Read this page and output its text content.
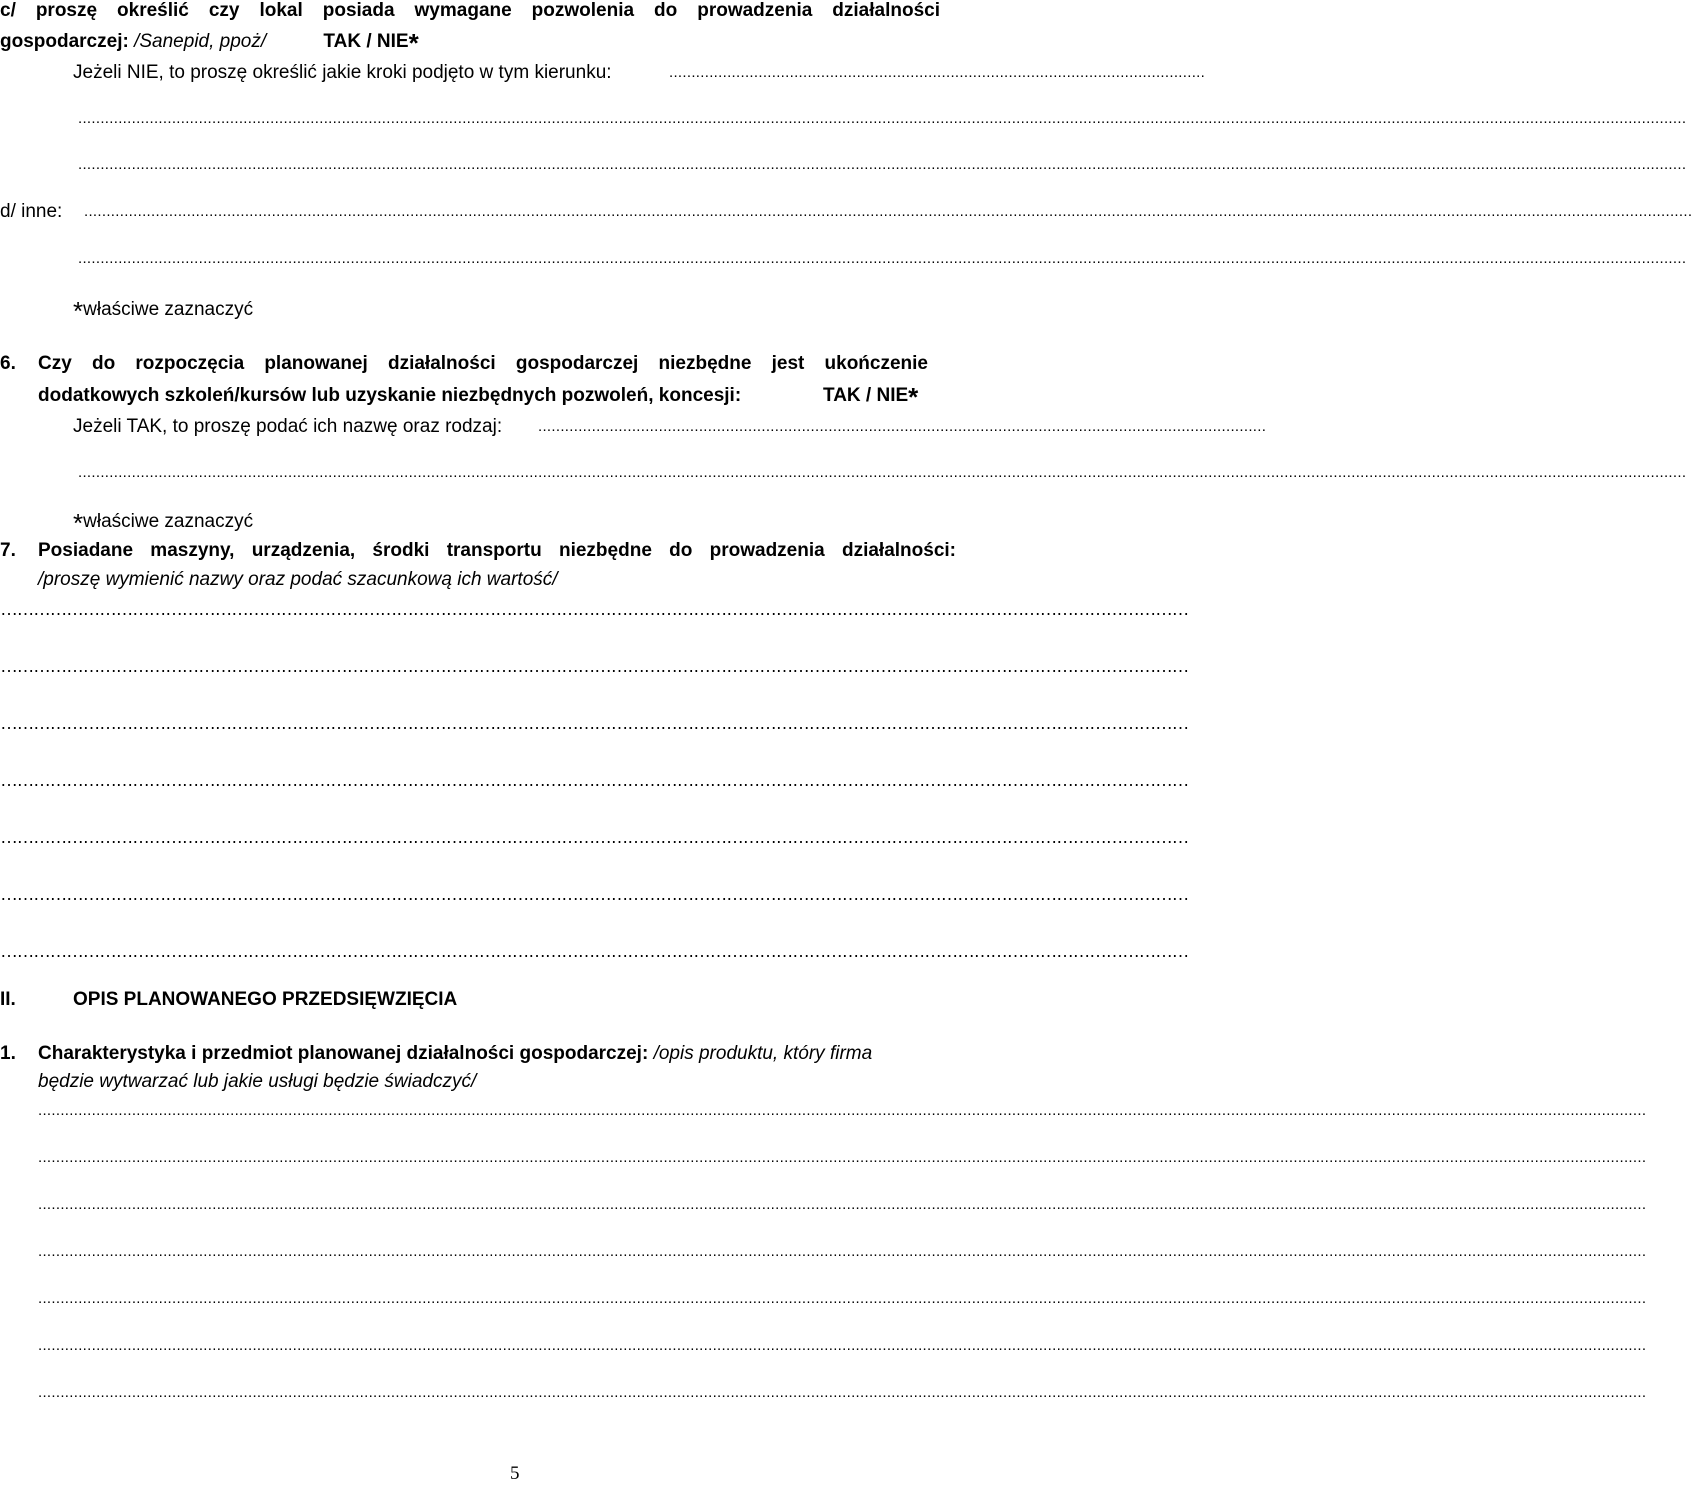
c/ proszę określić czy lokal posiada wymagane pozwolenia do prowadzenia działalności
gospodarczej: /Sanepid, ppoż/	TAK / NIE*
Jeżeli NIE, to proszę określić jakie kroki podjęto w tym kierunku:	........................................................................................................................
........................................................................................................................................................................................................................................................................................................................................................................
........................................................................................................................................................................................................................................................................................................................................................................
d/ inne: ........................................................................................................................................................................................................................................................................................................................................................................
........................................................................................................................................................................................................................................................................................................................................................................
*właściwe zaznaczyć
6. Czy do rozpoczęcia planowanej działalności gospodarczej niezbędne jest ukończenie
dodatkowych szkoleń/kursów lub uzyskanie niezbędnych pozwoleń, koncesji:	TAK / NIE*
Jeżeli TAK, to proszę podać ich nazwę oraz rodzaj: ...................................................................................................................................................................
........................................................................................................................................................................................................................................................................................................................................................................
*właściwe zaznaczyć
7. Posiadane maszyny, urządzenia, środki transportu niezbędne do prowadzenia działalności:
/proszę wymienić nazwy oraz podać szacunkową ich wartość/
………………………………………………………………………………………………………………………………………………………………………………………………
………………………………………………………………………………………………………………………………………………………………………………………………
………………………………………………………………………………………………………………………………………………………………………………………………
………………………………………………………………………………………………………………………………………………………………………………………………
………………………………………………………………………………………………………………………………………………………………………………………………
………………………………………………………………………………………………………………………………………………………………………………………………
………………………………………………………………………………………………………………………………………………………………………………………………
II.	OPIS PLANOWANEGO PRZEDSIĘWZIĘCIA
1. Charakterystyka i przedmiot planowanej działalności gospodarczej: /opis produktu, który firma
będzie wytwarzać lub jakie usługi będzie świadczyć/
........................................................................................................................................................................................................................................................................................................................................................................
........................................................................................................................................................................................................................................................................................................................................................................
........................................................................................................................................................................................................................................................................................................................................................................
........................................................................................................................................................................................................................................................................................................................................................................
........................................................................................................................................................................................................................................................................................................................................................................
........................................................................................................................................................................................................................................................................................................................................................................
........................................................................................................................................................................................................................................................................................................................................................................
5
